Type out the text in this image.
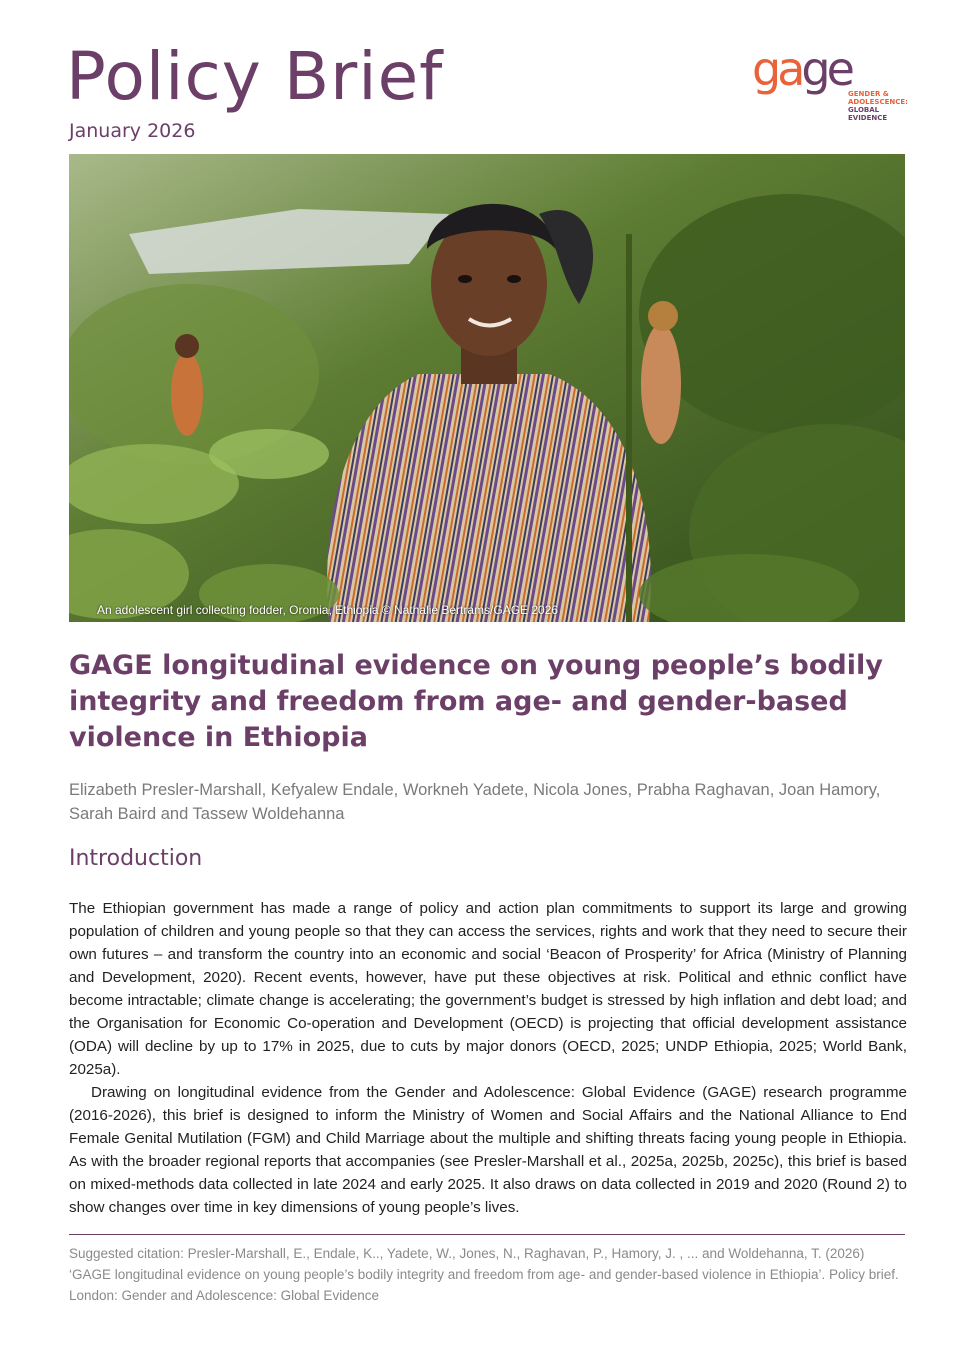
Policy Brief
January 2026
gage
GENDER &
ADOLESCENCE:
GLOBAL
EVIDENCE
An adolescent girl collecting fodder, Oromia, Ethiopia © Nathalie Bertrams/GAGE 2026
GAGE longitudinal evidence on young people’s bodily integrity and freedom from age- and gender-based violence in Ethiopia
Elizabeth Presler-Marshall, Kefyalew Endale, Workneh Yadete, Nicola Jones, Prabha Raghavan, Joan Hamory, Sarah Baird and Tassew Woldehanna
Introduction

The Ethiopian government has made a range of policy and action plan commitments to support its large and growing population of children and young people so that they can access the services, rights and work that they need to secure their own futures – and transform the country into an economic and social ‘Beacon of Prosperity’ for Africa (Ministry of Planning and Development, 2020). Recent events, however, have put these objectives at risk. Political and ethnic conflict have become intractable; climate change is accelerating; the government’s budget is stressed by high inflation and debt load; and the Organisation for Economic Co-operation and Development (OECD) is projecting that official development assistance (ODA) will decline by up to 17% in 2025, due to cuts by major donors (OECD, 2025; UNDP Ethiopia, 2025; World Bank, 2025a).

Drawing on longitudinal evidence from the Gender and Adolescence: Global Evidence (GAGE) research programme (2016-2026), this brief is designed to inform the Ministry of Women and Social Affairs and the National Alliance to End Female Genital Mutilation (FGM) and Child Marriage about the multiple and shifting threats facing young people in Ethiopia. As with the broader regional reports that accompanies (see Presler-Marshall et al., 2025a, 2025b, 2025c), this brief is based on mixed-methods data collected in late 2024 and early 2025. It also draws on data collected in 2019 and 2020 (Round 2) to show changes over time in key dimensions of young people’s lives.

Suggested citation: Presler-Marshall, E., Endale, K.., Yadete, W., Jones, N., Raghavan, P., Hamory, J. , ... and Woldehanna, T. (2026) ‘GAGE longitudinal evidence on young people’s bodily integrity and freedom from age- and gender-based violence in Ethiopia’. Policy brief. London: Gender and Adolescence: Global Evidence
